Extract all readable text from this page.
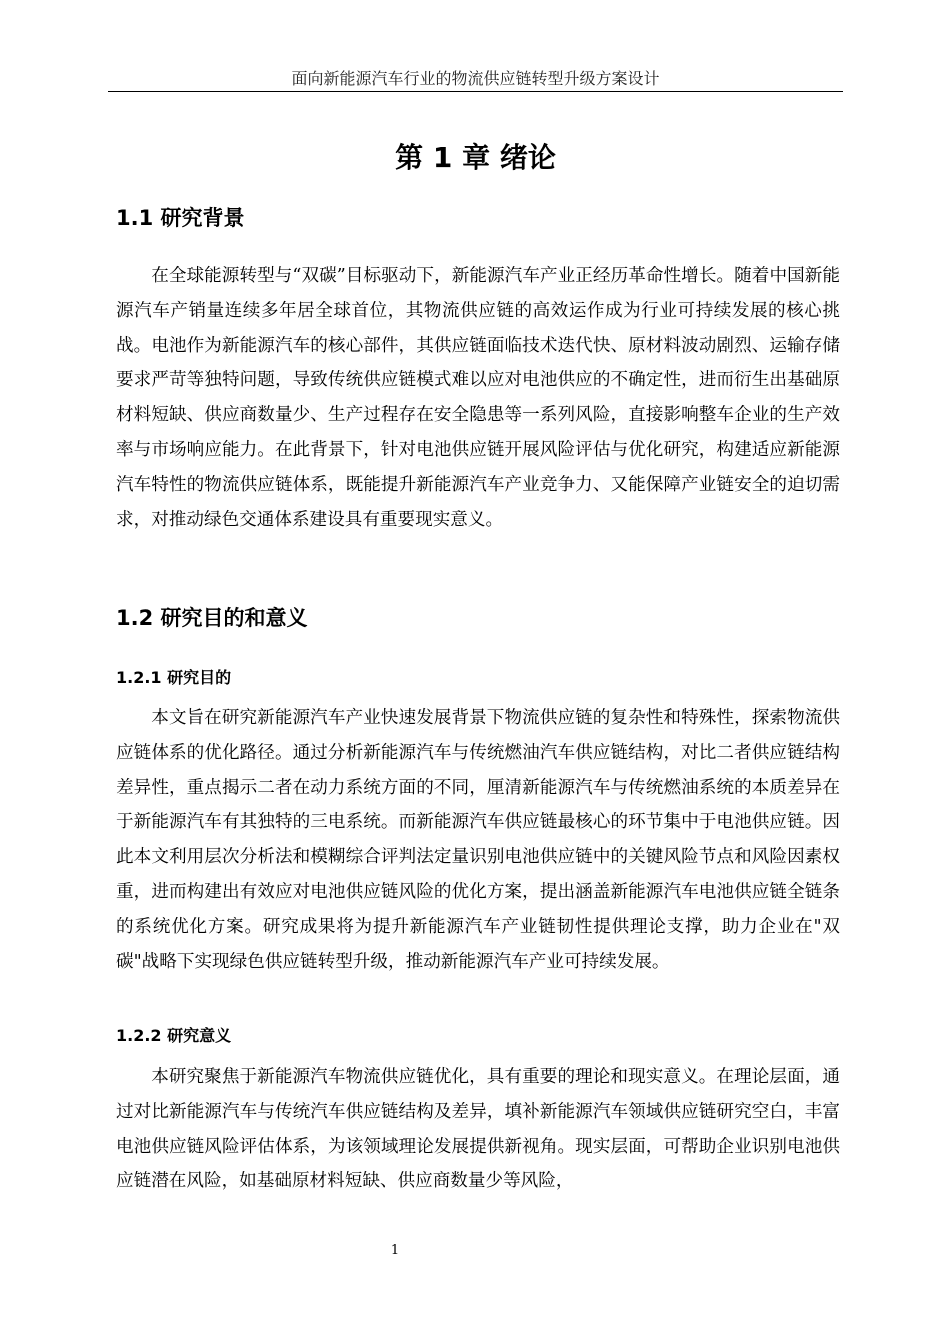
面向新能源汽车行业的物流供应链转型升级方案设计
第 1 章 绪论
1.1 研究背景

在全球能源转型与“双碳”目标驱动下，新能源汽车产业正经历革命性增长。随着中国新能源汽车产销量连续多年居全球首位，其物流供应链的高效运作成为行业可持续发展的核心挑战。电池作为新能源汽车的核心部件，其供应链面临技术迭代快、原材料波动剧烈、运输存储要求严苛等独特问题，导致传统供应链模式难以应对电池供应的不确定性，进而衍生出基础原材料短缺、供应商数量少、生产过程存在安全隐患等一系列风险，直接影响整车企业的生产效率与市场响应能力。在此背景下，针对电池供应链开展风险评估与优化研究，构建适应新能源汽车特性的物流供应链体系，既能提升新能源汽车产业竞争力、又能保障产业链安全的迫切需求，对推动绿色交通体系建设具有重要现实意义。

1.2 研究目的和意义
1.2.1 研究目的

本文旨在研究新能源汽车产业快速发展背景下物流供应链的复杂性和特殊性，探索物流供应链体系的优化路径。通过分析新能源汽车与传统燃油汽车供应链结构，对比二者供应链结构差异性，重点揭示二者在动力系统方面的不同，厘清新能源汽车与传统燃油系统的本质差异在于新能源汽车有其独特的三电系统。而新能源汽车供应链最核心的环节集中于电池供应链。因此本文利用层次分析法和模糊综合评判法定量识别电池供应链中的关键风险节点和风险因素权重，进而构建出有效应对电池供应链风险的优化方案，提出涵盖新能源汽车电池供应链全链条的系统优化方案。研究成果将为提升新能源汽车产业链韧性提供理论支撑，助力企业在"双碳"战略下实现绿色供应链转型升级，推动新能源汽车产业可持续发展。

1.2.2 研究意义

本研究聚焦于新能源汽车物流供应链优化，具有重要的理论和现实意义。在理论层面，通过对比新能源汽车与传统汽车供应链结构及差异，填补新能源汽车领域供应链研究空白，丰富电池供应链风险评估体系，为该领域理论发展提供新视角。现实层面，可帮助企业识别电池供应链潜在风险，如基础原材料短缺、供应商数量少等风险，

1
